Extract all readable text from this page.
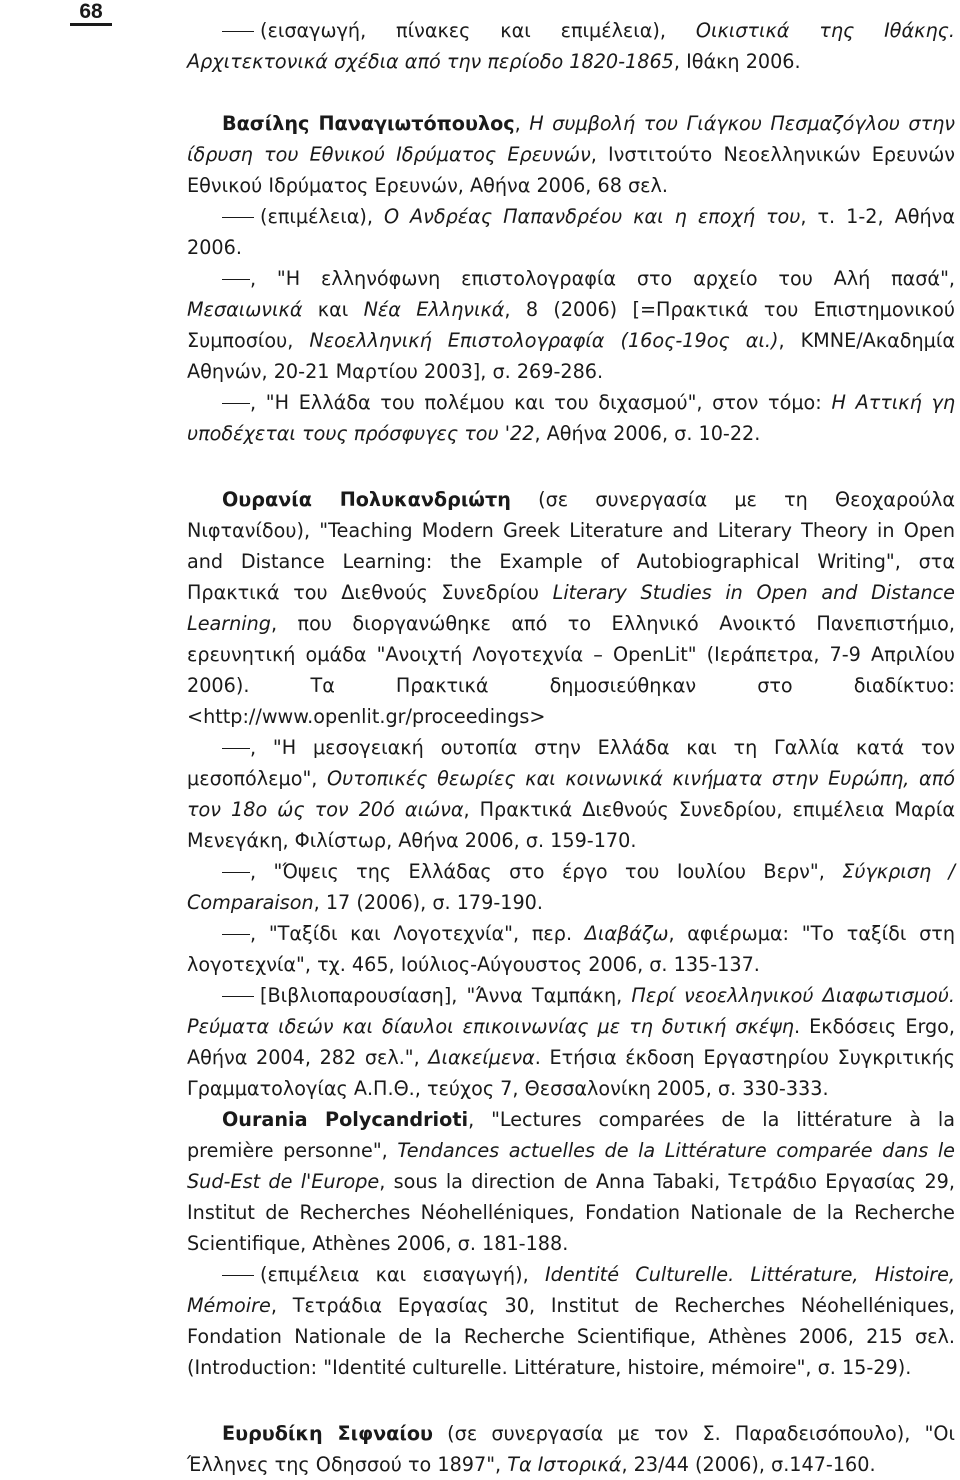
68

(εισαγωγή, πίνακες και επιμέλεια), Οικιστικά της Ιθάκης. Αρχιτεκτονικά σχέδια από την περίοδο 1820-1865, Ιθάκη 2006.

Βασίλης Παναγιωτόπουλος, Η συμβολή του Γιάγκου Πεσμαζόγλου στην ίδρυση του Εθνικού Ιδρύματος Ερευνών, Ινστιτούτο Νεοελληνικών Ερευνών Εθνικού Ιδρύματος Ερευνών, Αθήνα 2006, 68 σελ.

(επιμέλεια), Ο Ανδρέας Παπανδρέου και η εποχή του, τ. 1-2, Αθήνα 2006.

, "Η ελληνόφωνη επιστολογραφία στο αρχείο του Αλή πασά", Μεσαιωνικά και Νέα Ελληνικά, 8 (2006) [=Πρακτικά του Επιστημονικού Συμποσίου, Νεοελληνική Επιστολογραφία (16ος-19ος αι.), ΚΜΝΕ/Ακαδημία Αθηνών, 20-21 Μαρτίου 2003], σ. 269-286.

, "Η Ελλάδα του πολέμου και του διχασμού", στον τόμο: Η Αττική γη υποδέχεται τους πρόσφυγες του '22, Αθήνα 2006, σ. 10-22.

Ουρανία Πολυκανδριώτη (σε συνεργασία με τη Θεοχαρούλα Νιφτανίδου), "Teaching Modern Greek Literature and Literary Theory in Open and Distance Learning: the Example of Autobiographical Writing", στα Πρακτικά του Διεθνούς Συνεδρίου Literary Studies in Open and Distance Learning, που διοργανώθηκε από το Ελληνικό Ανοικτό Πανεπιστήμιο, ερευνητική ομάδα "Ανοιχτή Λογοτεχνία – OpenLit" (Ιεράπετρα, 7-9 Απριλίου 2006). Τα Πρακτικά δημοσιεύθηκαν στο διαδίκτυο: <http://www.openlit.gr/proceedings>

, "Η μεσογειακή ουτοπία στην Ελλάδα και τη Γαλλία κατά τον μεσοπόλεμο", Ουτοπικές θεωρίες και κοινωνικά κινήματα στην Ευρώπη, από τον 18ο ώς τον 20ό αιώνα, Πρακτικά Διεθνούς Συνεδρίου, επιμέλεια Μαρία Μενεγάκη, Φιλίστωρ, Αθήνα 2006, σ. 159-170.

, "Όψεις της Ελλάδας στο έργο του Ιουλίου Βερν", Σύγκριση / Comparaison, 17 (2006), σ. 179-190.

, "Ταξίδι και Λογοτεχνία", περ. Διαβάζω, αφιέρωμα: "Το ταξίδι στη λογοτεχνία", τχ. 465, Ιούλιος-Αύγουστος 2006, σ. 135-137.

[Βιβλιοπαρουσίαση], "Άννα Ταμπάκη, Περί νεοελληνικού Διαφωτισμού. Ρεύματα ιδεών και δίαυλοι επικοινωνίας με τη δυτική σκέψη. Εκδόσεις Ergo, Αθήνα 2004, 282 σελ.", Διακείμενα. Ετήσια έκδοση Εργαστηρίου Συγκριτικής Γραμματολογίας Α.Π.Θ., τεύχος 7, Θεσσαλονίκη 2005, σ. 330-333.

Ourania Polycandrioti, "Lectures comparées de la littérature à la première personne", Tendances actuelles de la Littérature comparée dans le Sud-Est de l'Europe, sous la direction de Anna Tabaki, Τετράδιο Εργασίας 29, Institut de Recherches Néohelléniques, Fondation Nationale de la Recherche Scientifique, Athènes 2006, σ. 181-188.

(επιμέλεια και εισαγωγή), Identité Culturelle. Littérature, Histoire, Mémoire, Τετράδια Εργασίας 30, Institut de Recherches Néohelléniques, Fondation Nationale de la Recherche Scientifique, Athènes 2006, 215 σελ. (Introduction: "Identité culturelle. Littérature, histoire, mémoire", σ. 15-29).

Ευρυδίκη Σιφναίου (σε συνεργασία με τον Σ. Παραδεισόπουλο), "Οι Έλληνες της Οδησσού το 1897", Τα Ιστορικά, 23/44 (2006), σ.147-160.
